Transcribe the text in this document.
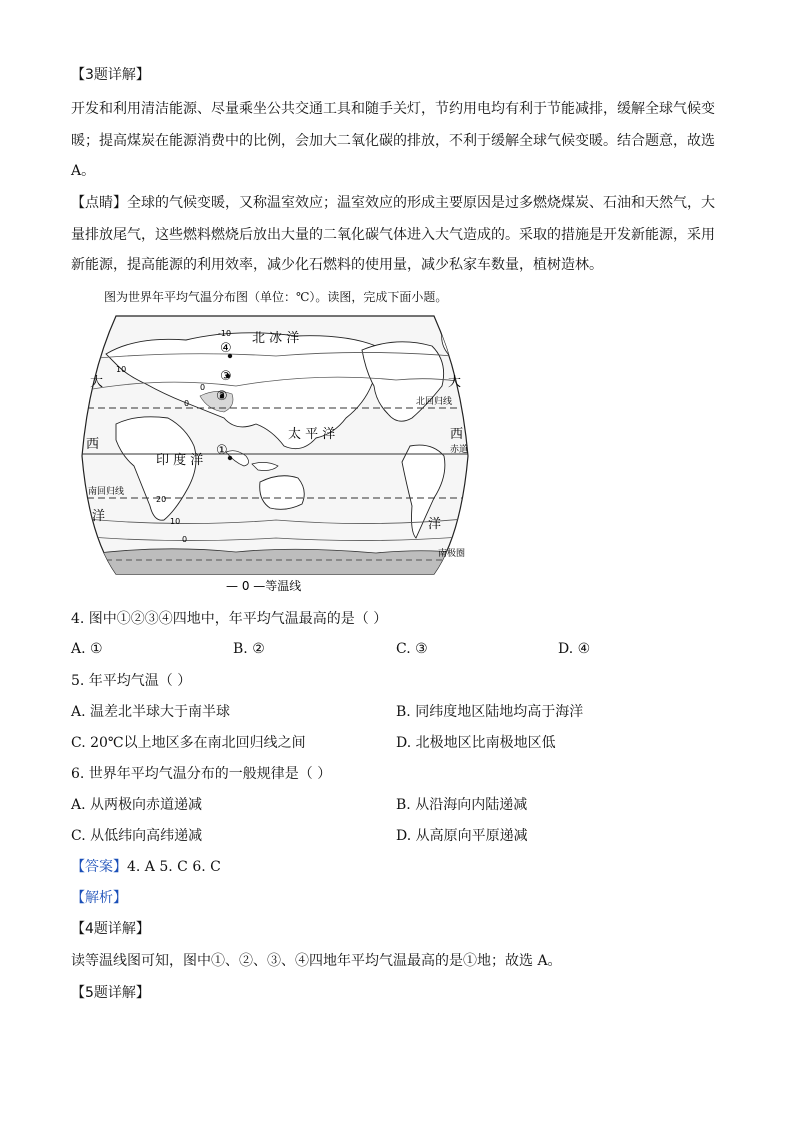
【3题详解】
开发和利用清洁能源、尽量乘坐公共交通工具和随手关灯，节约用电均有利于节能减排，缓解全球气候变
暖；提高煤炭在能源消费中的比例，会加大二氧化碳的排放，不利于缓解全球气候变暖。结合题意，故选
A。
【点睛】全球的气候变暖，又称温室效应；温室效应的形成主要原因是过多燃烧煤炭、石油和天然气，大
量排放尾气，这些燃料燃烧后放出大量的二氧化碳气体进入大气造成的。采取的措施是开发新能源，采用
新能源，提高能源的利用效率，减少化石燃料的使用量，减少私家车数量，植树造林。
图为世界年平均气温分布图（单位：℃）。读图，完成下面小题。
北 冰 洋
太 平 洋
印 度 洋
大
西
洋
大
西
洋
北回归线
赤道
南回归线
南极圈
④
③
②
①
-10
0
0
10
20
10
0
— 0 —等温线
4. 图中①②③④四地中，年平均气温最高的是（ ）
A. ①	B. ②	C. ③	D. ④
5. 年平均气温（ ）
A. 温差北半球大于南半球	B. 同纬度地区陆地均高于海洋
C. 20℃以上地区多在南北回归线之间	D. 北极地区比南极地区低
6. 世界年平均气温分布的一般规律是（ ）
A. 从两极向赤道递减	B. 从沿海向内陆递减
C. 从低纬向高纬递减	D. 从高原向平原递减
【答案】4. A 5. C 6. C
【解析】
【4题详解】
读等温线图可知，图中①、②、③、④四地年平均气温最高的是①地；故选 A。
【5题详解】
